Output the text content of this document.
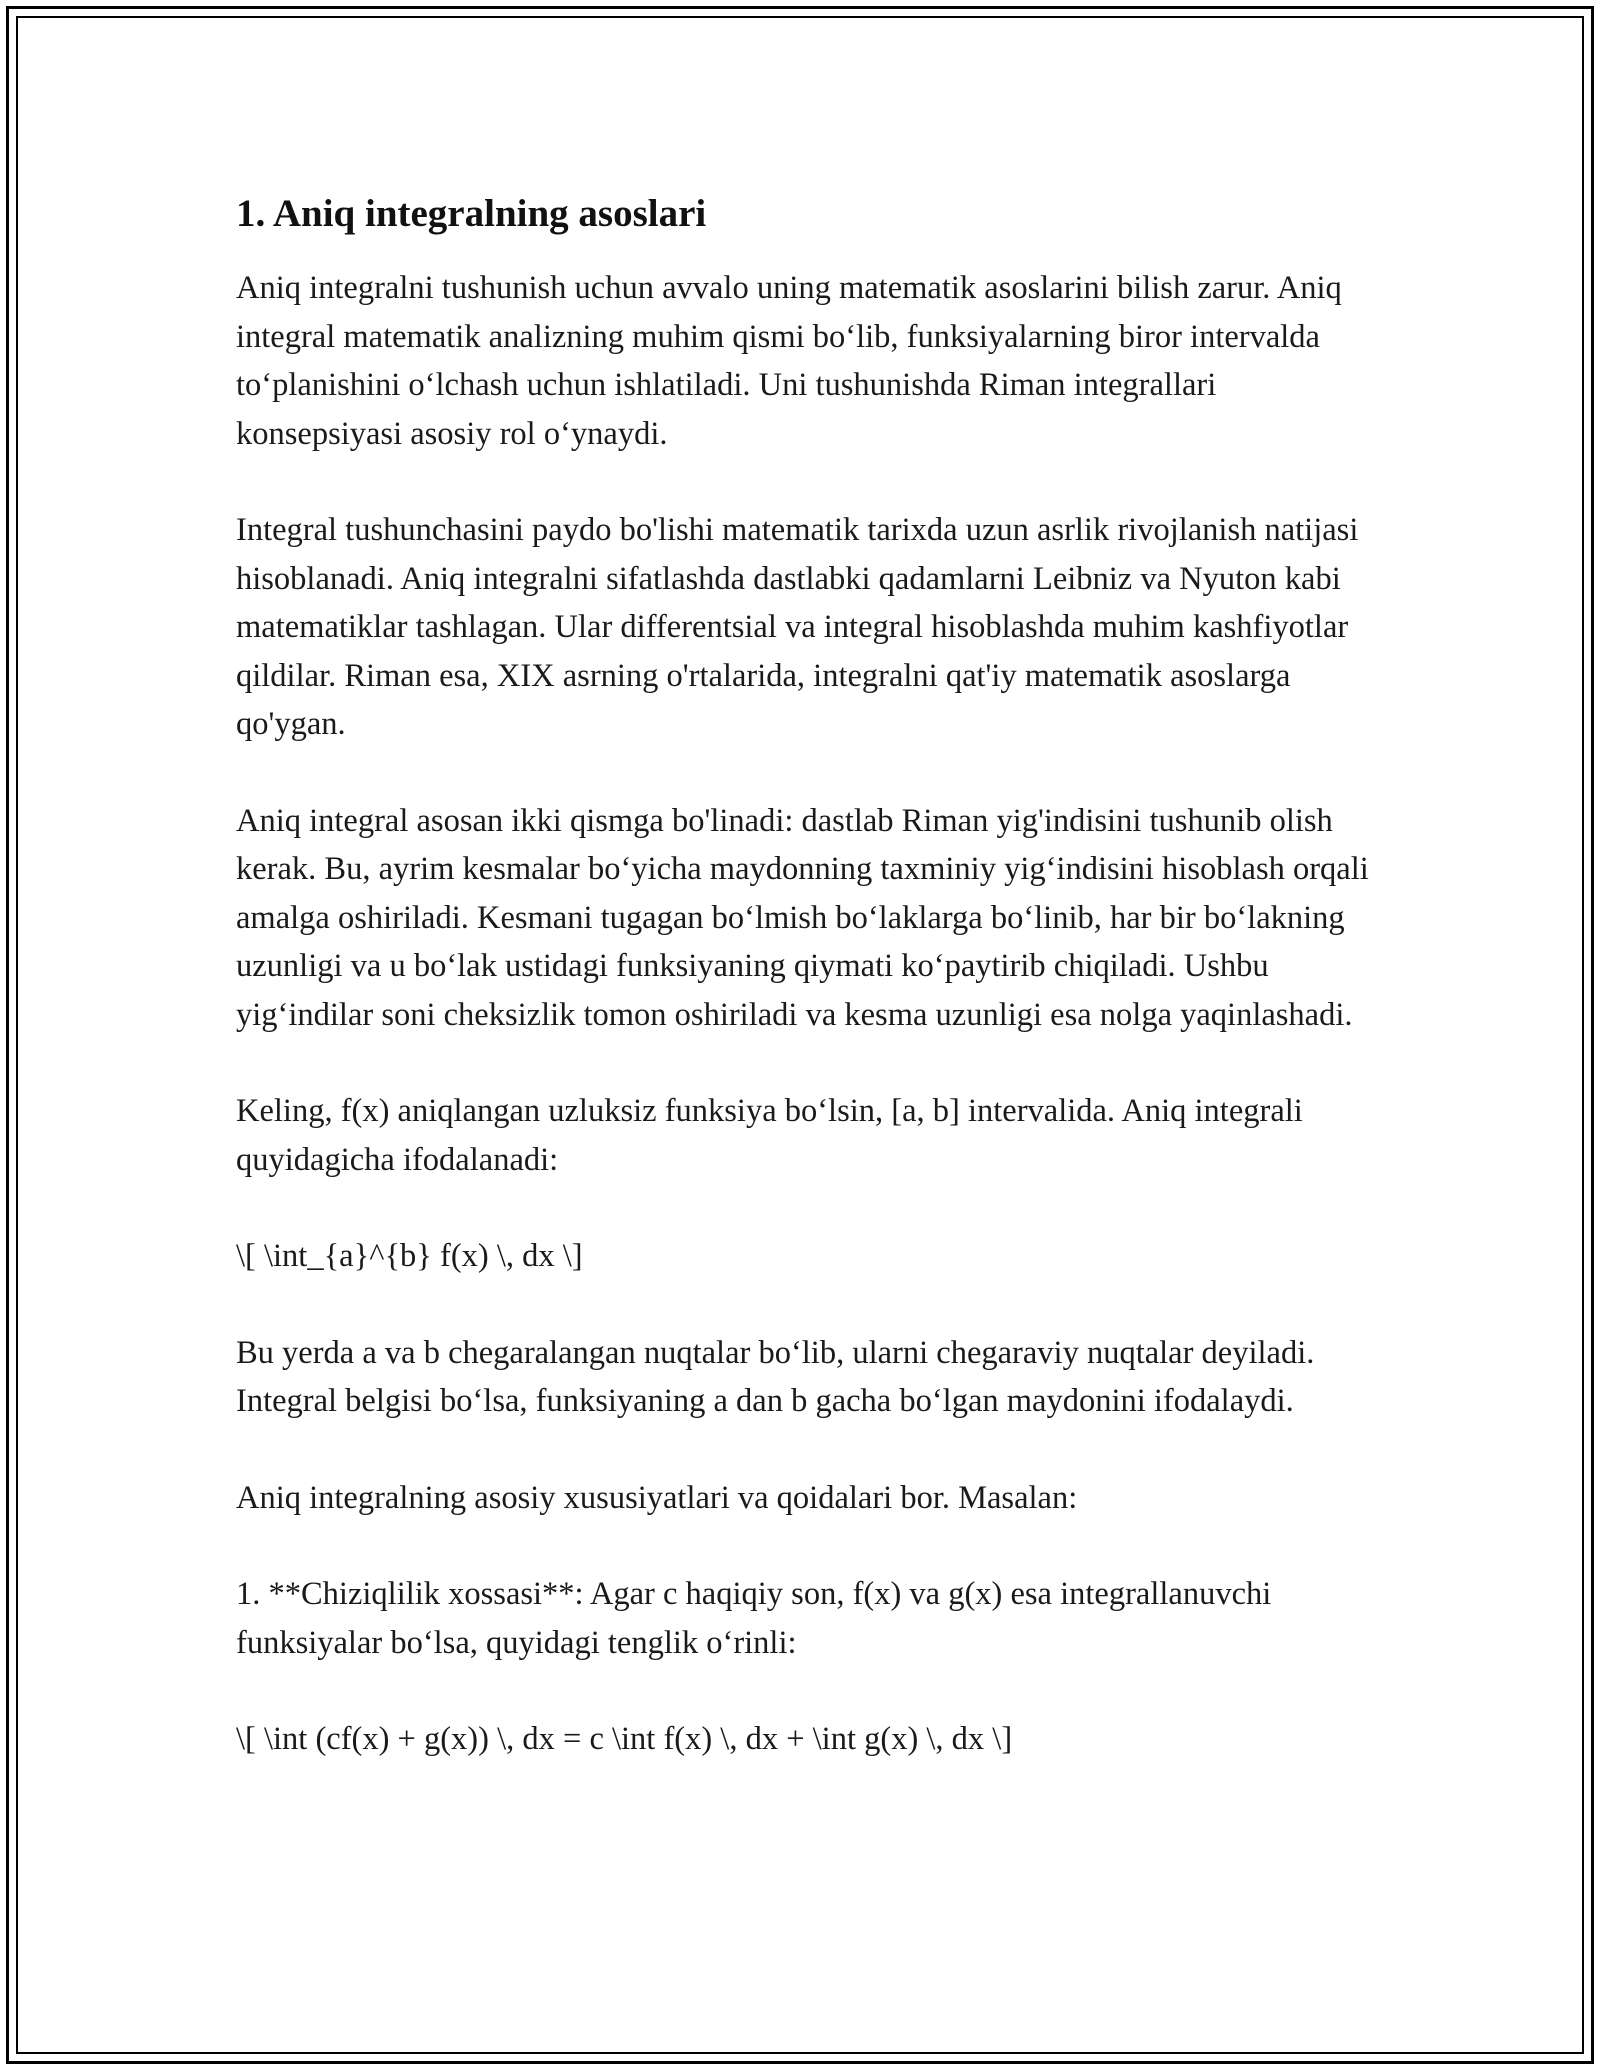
1. Aniq integralning asoslari

Aniq integralni tushunish uchun avvalo uning matematik asoslarini bilish zarur. Aniq integral matematik analizning muhim qismi bo‘lib, funksiyalarning biror intervalda to‘planishini o‘lchash uchun ishlatiladi. Uni tushunishda Riman integrallari konsepsiyasi asosiy rol o‘ynaydi.

Integral tushunchasini paydo bo'lishi matematik tarixda uzun asrlik rivojlanish natijasi hisoblanadi. Aniq integralni sifatlashda dastlabki qadamlarni Leibniz va Nyuton kabi matematiklar tashlagan. Ular differentsial va integral hisoblashda muhim kashfiyotlar qildilar. Riman esa, XIX asrning o'rtalarida, integralni qat'iy matematik asoslarga qo'ygan.

Aniq integral asosan ikki qismga bo'linadi: dastlab Riman yig'indisini tushunib olish kerak. Bu, ayrim kesmalar bo‘yicha maydonning taxminiy yig‘indisini hisoblash orqali amalga oshiriladi. Kesmani tugagan bo‘lmish bo‘laklarga bo‘linib, har bir bo‘lakning uzunligi va u bo‘lak ustidagi funksiyaning qiymati ko‘paytirib chiqiladi. Ushbu yig‘indilar soni cheksizlik tomon oshiriladi va kesma uzunligi esa nolga yaqinlashadi.

Keling, f(x) aniqlangan uzluksiz funksiya bo‘lsin, [a, b] intervalida. Aniq integrali quyidagicha ifodalanadi:

\[ \int_{a}^{b} f(x) \, dx \]

Bu yerda a va b chegaralangan nuqtalar bo‘lib, ularni chegaraviy nuqtalar deyiladi. Integral belgisi bo‘lsa, funksiyaning a dan b gacha bo‘lgan maydonini ifodalaydi.

Aniq integralning asosiy xususiyatlari va qoidalari bor. Masalan:

1. **Chiziqlilik xossasi**: Agar c haqiqiy son, f(x) va g(x) esa integrallanuvchi funksiyalar bo‘lsa, quyidagi tenglik o‘rinli:

\[ \int (cf(x) + g(x)) \, dx = c \int f(x) \, dx + \int g(x) \, dx \]
